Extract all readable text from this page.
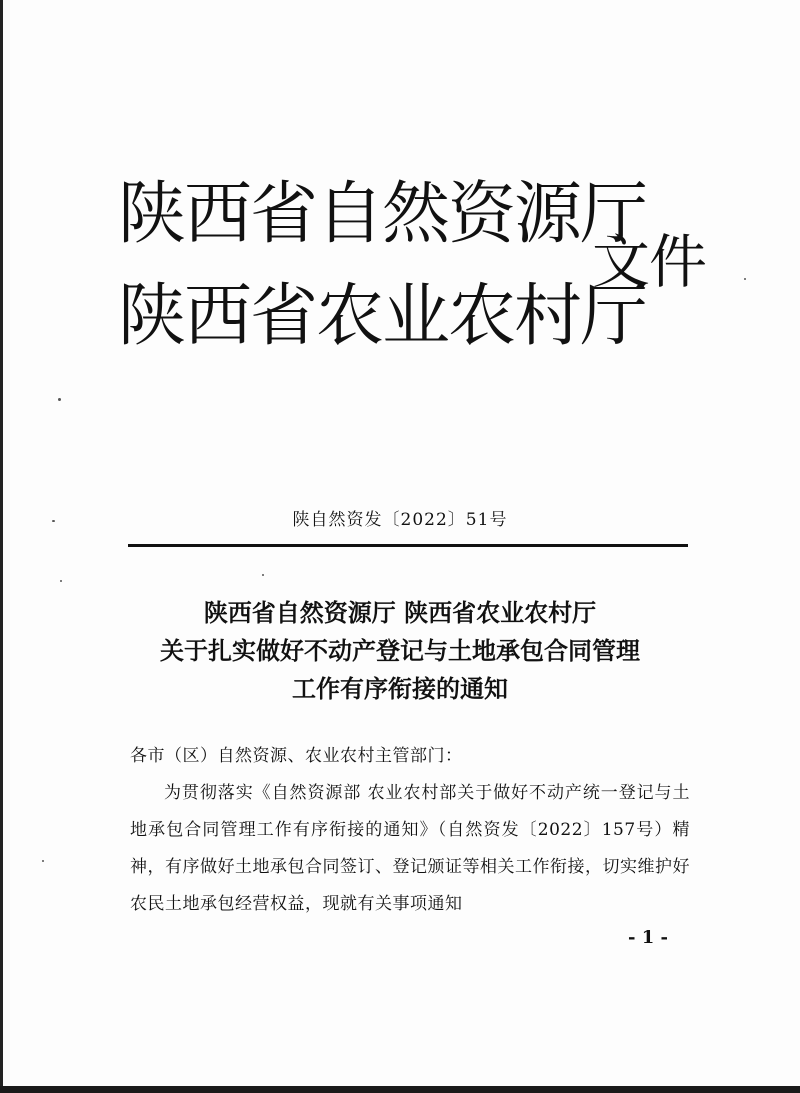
陕西省自然资源厅
陕西省农业农村厅
文件
陕自然资发〔2022〕51号
陕西省自然资源厅 陕西省农业农村厅
关于扎实做好不动产登记与土地承包合同管理
工作有序衔接的通知
各市（区）自然资源、农业农村主管部门：
为贯彻落实《自然资源部 农业农村部关于做好不动产统一登记与土地承包合同管理工作有序衔接的通知》（自然资发〔2022〕157号）精神，有序做好土地承包合同签订、登记颁证等相关工作衔接，切实维护好农民土地承包经营权益，现就有关事项通知
- 1 -
